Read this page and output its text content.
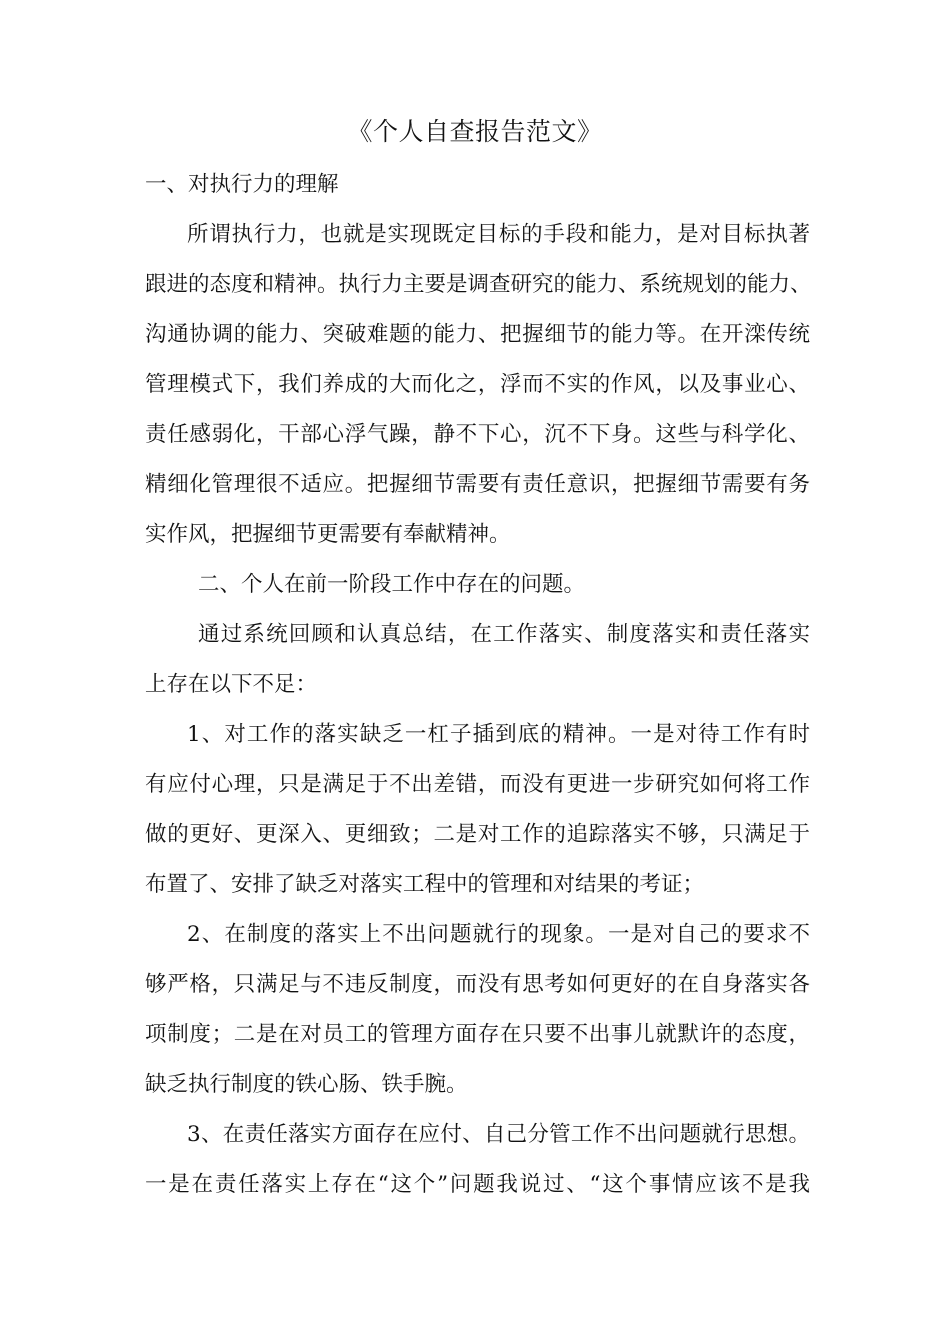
《个人自查报告范文》

一、对执行力的理解

所谓执行力，也就是实现既定目标的手段和能力，是对目标执著

跟进的态度和精神。执行力主要是调查研究的能力、系统规划的能力、

沟通协调的能力、突破难题的能力、把握细节的能力等。在开滦传统

管理模式下，我们养成的大而化之，浮而不实的作风，以及事业心、

责任感弱化，干部心浮气躁，静不下心，沉不下身。这些与科学化、

精细化管理很不适应。把握细节需要有责任意识，把握细节需要有务

实作风，把握细节更需要有奉献精神。

二、个人在前一阶段工作中存在的问题。

通过系统回顾和认真总结，在工作落实、制度落实和责任落实

上存在以下不足：

1、对工作的落实缺乏一杠子插到底的精神。一是对待工作有时

有应付心理，只是满足于不出差错，而没有更进一步研究如何将工作

做的更好、更深入、更细致；二是对工作的追踪落实不够，只满足于

布置了、安排了缺乏对落实工程中的管理和对结果的考证；

2、在制度的落实上不出问题就行的现象。一是对自己的要求不

够严格，只满足与不违反制度，而没有思考如何更好的在自身落实各

项制度；二是在对员工的管理方面存在只要不出事儿就默许的态度，

缺乏执行制度的铁心肠、铁手腕。

3、在责任落实方面存在应付、自己分管工作不出问题就行思想。

一是在责任落实上存在“这个”问题我说过、“这个事情应该不是我
